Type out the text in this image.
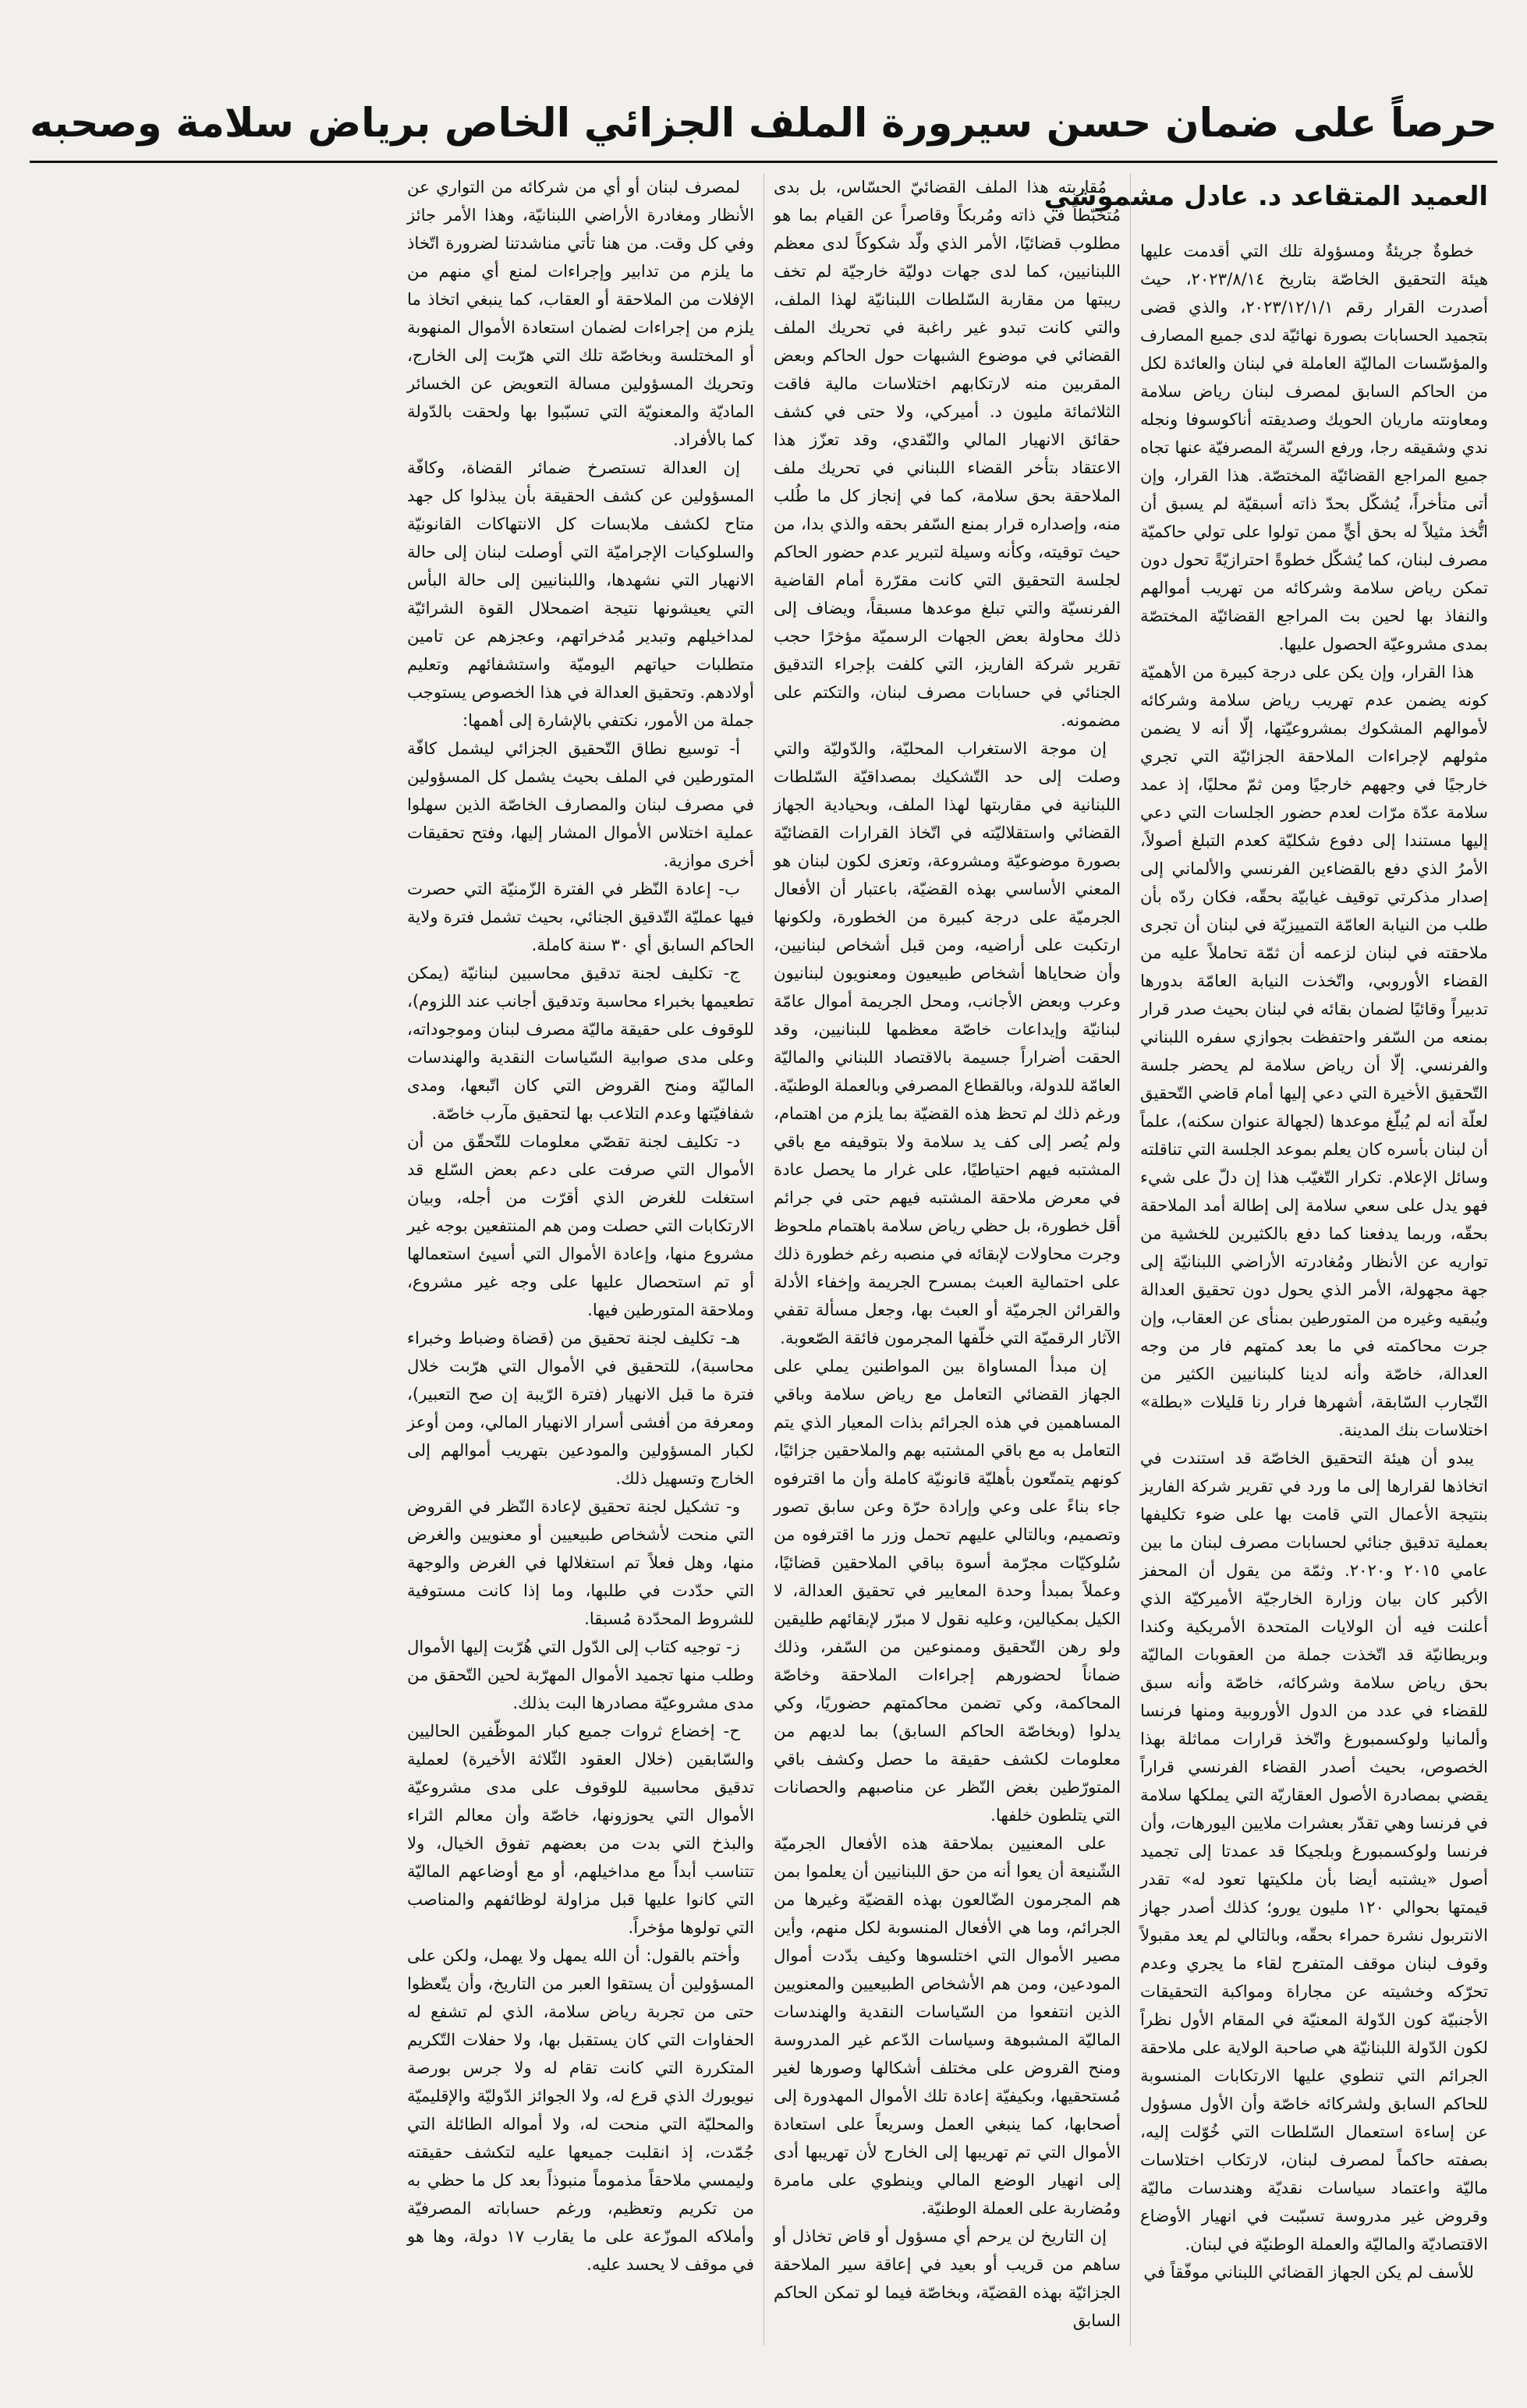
حرصاً على ضمان حسن سيرورة الملف الجزائي الخاص برياض سلامة وصحبه
العميد المتقاعد د. عادل مشموشي

خطوةٌ جريئةٌ ومسؤولة تلك التي أقدمت عليها هيئة التحقيق الخاصّة بتاريخ ٢٠٢٣/٨/١٤، حيث أصدرت القرار رقم ٢٠٢٣/١٢/١/١، والذي قضى بتجميد الحسابات بصورة نهائيّة لدى جميع المصارف والمؤسّسات الماليّة العاملة في لبنان والعائدة لكل من الحاكم السابق لمصرف لبنان رياض سلامة ومعاونته ماريان الحويك وصديقته أناكوسوفا ونجله ندي وشقيقه رجا، ورفع السريّة المصرفيّة عنها تجاه جميع المراجع القضائيّة المختصّة. هذا القرار، وإن أتى متأخراً، يُشكّل بحدّ ذاته أسبقيّة لم يسبق أن اتُّخذ مثيلاً له بحق أيٍّ ممن تولوا على تولي حاكميّة مصرف لبنان، كما يُشكّل خطوةً احترازيّةً تحول دون تمكن رياض سلامة وشركائه من تهريب أموالهم والنفاذ بها لحين بت المراجع القضائيّة المختصّة بمدى مشروعيّة الحصول عليها.

هذا القرار، وإن يكن على درجة كبيرة من الأهميّة كونه يضمن عدم تهريب رياض سلامة وشركائه لأموالهم المشكوك بمشروعيّتها، إلّا أنه لا يضمن مثولهم لإجراءات الملاحقة الجزائيّة التي تجري خارجيًا في وجههم خارجيًا ومن ثمّ محليًا، إذ عمد سلامة عدّة مرّات لعدم حضور الجلسات التي دعي إليها مستندا إلى دفوع شكليّة كعدم التبلغ أصولاً، الأمرُ الذي دفع بالقضاءين الفرنسي والألماني إلى إصدار مذكرتي توقيف غيابيّة بحقّه، فكان ردّه بأن طلب من النيابة العامّة التمييزيّة في لبنان أن تجرى ملاحقته في لبنان لزعمه أن ثمّة تحاملاً عليه من القضاء الأوروبي، واتّخذت النيابة العامّة بدورها تدبيراً وقائيًا لضمان بقائه في لبنان بحيث صدر قرار بمنعه من السّفر واحتفظت بجوازي سفره اللبناني والفرنسي. إلّا أن رياض سلامة لم يحضر جلسة التّحقيق الأخيرة التي دعي إليها أمام قاضي التّحقيق لعلّة أنه لم يُبلّغ موعدها (لجهالة عنوان سكنه)، علماً أن لبنان بأسره كان يعلم بموعد الجلسة التي تناقلته وسائل الإعلام. تكرار التّغيّب هذا إن دلّ على شيء فهو يدل على سعي سلامة إلى إطالة أمد الملاحقة بحقّه، وربما يدفعنا كما دفع بالكثيرين للخشية من تواريه عن الأنظار ومُغادرته الأراضي اللبنانيّة إلى جهة مجهولة، الأمر الذي يحول دون تحقيق العدالة ويُبقيه وغيره من المتورطين بمنأى عن العقاب، وإن جرت محاكمته في ما بعد كمتهم فار من وجه العدالة، خاصّة وأنه لدينا كلبنانيين الكثير من التّجارب السّابقة، أشهرها فرار رنا قليلات «بطلة» اختلاسات بنك المدينة.

يبدو أن هيئة التحقيق الخاصّة قد استندت في اتخاذها لقرارها إلى ما ورد في تقرير شركة الفاريز بنتيجة الأعمال التي قامت بها على ضوء تكليفها بعملية تدقيق جنائي لحسابات مصرف لبنان ما بين عامي ٢٠١٥ و٢٠٢٠. وثمّة من يقول أن المحفز الأكبر كان بيان وزارة الخارجيّة الأميركيّة الذي أعلنت فيه أن الولايات المتحدة الأمريكية وكندا وبريطانيّة قد اتّخذت جملة من العقوبات الماليّة بحق رياض سلامة وشركائه، خاصّة وأنه سبق للقضاء في عدد من الدول الأوروبية ومنها فرنسا وألمانيا ولوكسمبورغ واتّخذ قرارات مماثلة بهذا الخصوص، بحيث أصدر القضاء الفرنسي قراراً يقضي بمصادرة الأصول العقاريّة التي يملكها سلامة في فرنسا وهي تقدّر بعشرات ملايين اليورهات، وأن فرنسا ولوكسمبورغ وبلجيكا قد عمدتا إلى تجميد أصول «يشتبه أيضا بأن ملكيتها تعود له» تقدر قيمتها بحوالي ١٢٠ مليون يورو؛ كذلك أصدر جهاز الانتربول نشرة حمراء بحقّه، وبالتالي لم يعد مقبولاً وقوف لبنان موقف المتفرج لقاء ما يجري وعدم تحرّكه وخشيته عن مجاراة ومواكبة التحقيقات الأجنبيّة كون الدّولة المعنيّة في المقام الأول نظراً لكون الدّولة اللبنانيّة هي صاحبة الولاية على ملاحقة الجرائم التي تنطوي عليها الارتكابات المنسوبة للحاكم السابق ولشركائه خاصّة وأن الأول مسؤول عن إساءة استعمال السّلطات التي خُوّلت إليه، بصفته حاكماً لمصرف لبنان، لارتكاب اختلاسات ماليّة واعتماد سياسات نقديّة وهندسات ماليّة وقروض غير مدروسة تسبّبت في انهيار الأوضاع الاقتصاديّة والماليّة والعملة الوطنيّة في لبنان.

للأسف لم يكن الجهاز القضائي اللبناني موفّقاً في

مُقاربته هذا الملف القضائيّ الحسّاس، بل بدى مُتخبّطاً في ذاته ومُربكاً وقاصراً عن القيام بما هو مطلوب قضائيًا، الأمر الذي ولّد شكوكاً لدى معظم اللبنانيين، كما لدى جهات دوليّة خارجيّة لم تخف ريبتها من مقاربة السّلطات اللبنانيّة لهذا الملف، والتي كانت تبدو غير راغبة في تحريك الملف القضائي في موضوع الشبهات حول الحاكم وبعض المقربين منه لارتكابهم اختلاسات مالية فاقت الثلاثمائة مليون د. أميركي، ولا حتى في كشف حقائق الانهيار المالي والنّقدي، وقد تعزّز هذا الاعتقاد بتأخر القضاء اللبناني في تحريك ملف الملاحقة بحق سلامة، كما في إنجاز كل ما طُلب منه، وإصداره قرار بمنع السّفر بحقه والذي بدا، من حيث توقيته، وكأنه وسيلة لتبرير عدم حضور الحاكم لجلسة التحقيق التي كانت مقرّرة أمام القاضية الفرنسيّة والتي تبلغ موعدها مسبقاً، ويضاف إلى ذلك محاولة بعض الجهات الرسميّة مؤخرًا حجب تقرير شركة الفاريز، التي كلفت بإجراء التدقيق الجنائي في حسابات مصرف لبنان، والتكتم على مضمونه.

إن موجة الاستغراب المحليّة، والدّوليّة والتي وصلت إلى حد التّشكيك بمصداقيّة السّلطات اللبنانية في مقاربتها لهذا الملف، وبحيادية الجهاز القضائي واستقلاليّته في اتّخاذ القرارات القضائيّة بصورة موضوعيّة ومشروعة، وتعزى لكون لبنان هو المعني الأساسي بهذه القضيّة، باعتبار أن الأفعال الجرميّة على درجة كبيرة من الخطورة، ولكونها ارتكبت على أراضيه، ومن قبل أشخاص لبنانيين، وأن ضحاياها أشخاص طبيعيون ومعنويون لبنانيون وعرب وبعض الأجانب، ومحل الجريمة أموال عامّة لبنانيّة وإيداعات خاصّة معظمها للبنانيين، وقد الحقت أضراراً جسيمة بالاقتصاد اللبناني والماليّة العامّة للدولة، وبالقطاع المصرفي وبالعملة الوطنيّة. ورغم ذلك لم تحظ هذه القضيّة بما يلزم من اهتمام، ولم يُصر إلى كف يد سلامة ولا بتوقيفه مع باقي المشتبه فيهم احتياطيًا، على غرار ما يحصل عادة في معرض ملاحقة المشتبه فيهم حتى في جرائم أقل خطورة، بل حظي رياض سلامة باهتمام ملحوظ وجرت محاولات لإبقائه في منصبه رغم خطورة ذلك على احتمالية العبث بمسرح الجريمة وإخفاء الأدلة والقرائن الجرميّة أو العبث بها، وجعل مسألة تقفي الآثار الرقميّة التي خلّفها المجرمون فائقة الصّعوبة.

إن مبدأ المساواة بين المواطنين يملي على الجهاز القضائي التعامل مع رياض سلامة وباقي المساهمين في هذه الجرائم بذات المعيار الذي يتم التعامل به مع باقي المشتبه بهم والملاحقين جزائيًا، كونهم يتمتّعون بأهليّة قانونيّة كاملة وأن ما اقترفوه جاء بناءً على وعي وإرادة حرّة وعن سابق تصور وتصميم، وبالتالي عليهم تحمل وزر ما اقترفوه من سُلوكيّات مجرّمة أسوة بباقي الملاحقين قضائيًا، وعملاً بمبدأ وحدة المعايير في تحقيق العدالة، لا الكيل بمكيالين، وعليه نقول لا مبرّر لإبقائهم طليقين ولو رهن التّحقيق وممنوعين من السّفر، وذلك ضماناً لحضورهم إجراءات الملاحقة وخاصّة المحاكمة، وكي تضمن محاكمتهم حضوريًا، وكي يدلوا (وبخاصّة الحاكم السابق) بما لديهم من معلومات لكشف حقيقة ما حصل وكشف باقي المتورّطين بغض النّظر عن مناصبهم والحصانات التي يتلطون خلفها.

على المعنيين بملاحقة هذه الأفعال الجرميّة الشّنيعة أن يعوا أنه من حق اللبنانيين أن يعلموا بمن هم المجرمون الضّالعون بهذه القضيّة وغيرها من الجرائم، وما هي الأفعال المنسوبة لكل منهم، وأين مصير الأموال التي اختلسوها وكيف بدّدت أموال المودعين، ومن هم الأشخاص الطبيعيين والمعنويين الذين انتفعوا من السّياسات النقدية والهندسات الماليّة المشبوهة وسياسات الدّعم غير المدروسة ومنح القروض على مختلف أشكالها وصورها لغير مُستحقيها، وبكيفيّة إعادة تلك الأموال المهدورة إلى أصحابها، كما ينبغي العمل وسريعاً على استعادة الأموال التي تم تهريبها إلى الخارج لأن تهريبها أدى إلى انهيار الوضع المالي وينطوي على مامرة ومُضاربة على العملة الوطنيّة.

إن التاريخ لن يرحم أي مسؤول أو قاض تخاذل أو ساهم من قريب أو بعيد في إعاقة سير الملاحقة الجزائيّة بهذه القضيّة، وبخاصّة فيما لو تمكن الحاكم السابق

لمصرف لبنان أو أي من شركائه من التواري عن الأنظار ومغادرة الأراضي اللبنانيّة، وهذا الأمر جائز وفي كل وقت. من هنا تأتي مناشدتنا لضرورة اتّخاذ ما يلزم من تدابير وإجراءات لمنع أي منهم من الإفلات من الملاحقة أو العقاب، كما ينبغي اتخاذ ما يلزم من إجراءات لضمان استعادة الأموال المنهوبة أو المختلسة وبخاصّة تلك التي هرّبت إلى الخارج، وتحريك المسؤولين مسالة التعويض عن الخسائر الماديّة والمعنويّة التي تسبّبوا بها ولحقت بالدّولة كما بالأفراد.

إن العدالة تستصرخ ضمائر القضاة، وكافّة المسؤولين عن كشف الحقيقة بأن يبذلوا كل جهد متاح لكشف ملابسات كل الانتهاكات القانونيّة والسلوكيات الإجراميّة التي أوصلت لبنان إلى حالة الانهيار التي نشهدها، واللبنانيين إلى حالة البأس التي يعيشونها نتيجة اضمحلال القوة الشرائيّة لمداخيلهم وتبدير مُدخراتهم، وعجزهم عن تامين متطلبات حياتهم اليوميّة واستشفائهم وتعليم أولادهم. وتحقيق العدالة في هذا الخصوص يستوجب جملة من الأمور، نكتفي بالإشارة إلى أهمها:

أ- توسيع نطاق التّحقيق الجزائي ليشمل كافّة المتورطين في الملف بحيث يشمل كل المسؤولين في مصرف لبنان والمصارف الخاصّة الذين سهلوا عملية اختلاس الأموال المشار إليها، وفتح تحقيقات أخرى موازية.
ب- إعادة النّظر في الفترة الزّمنيّة التي حصرت فيها عمليّة التّدقيق الجنائي، بحيث تشمل فترة ولاية الحاكم السابق أي ٣٠ سنة كاملة.
ج- تكليف لجنة تدقيق محاسبين لبنانيّة (يمكن تطعيمها بخبراء محاسبة وتدقيق أجانب عند اللزوم)، للوقوف على حقيقة ماليّة مصرف لبنان وموجوداته، وعلى مدى صوابية السّياسات النقدية والهندسات الماليّة ومنح القروض التي كان اتّبعها، ومدى شفافيّتها وعدم التلاعب بها لتحقيق مآرب خاصّة.
د- تكليف لجنة تقصّي معلومات للتّحقّق من أن الأموال التي صرفت على دعم بعض السّلع قد استغلت للغرض الذي أقرّت من أجله، وبيان الارتكابات التي حصلت ومن هم المنتفعين بوجه غير مشروع منها، وإعادة الأموال التي أسيئ استعمالها أو تم استحصال عليها على وجه غير مشروع، وملاحقة المتورطين فيها.
هـ- تكليف لجنة تحقيق من (قضاة وضباط وخبراء محاسبة)، للتحقيق في الأموال التي هرّبت خلال فترة ما قبل الانهيار (فترة الرّيبة إن صح التعبير)، ومعرفة من أفشى أسرار الانهيار المالي، ومن أوعز لكبار المسؤولين والمودعين بتهريب أموالهم إلى الخارج وتسهيل ذلك.
و- تشكيل لجنة تحقيق لإعادة النّظر في القروض التي منحت لأشخاص طبيعيين أو معنويين والغرض منها، وهل فعلاً تم استغلالها في الغرض والوجهة التي حدّدت في طلبها، وما إذا كانت مستوفية للشروط المحدّدة مُسبقا.
ز- توجيه كتاب إلى الدّول التي هُرّبت إليها الأموال وطلب منها تجميد الأموال المهرّبة لحين التّحقق من مدى مشروعيّة مصادرها البت بذلك.
ح- إخضاع ثروات جميع كبار الموظّفين الحاليين والسّابقين (خلال العقود الثّلاثة الأخيرة) لعملية تدقيق محاسبية للوقوف على مدى مشروعيّة الأموال التي يحوزونها، خاصّة وأن معالم الثراء والبذخ التي بدت من بعضهم تفوق الخيال، ولا تتناسب أبداً مع مداخيلهم، أو مع أوضاعهم الماليّة التي كانوا عليها قبل مزاولة لوظائفهم والمناصب التي تولوها مؤخراً.

وأختم بالقول: أن الله يمهل ولا يهمل، ولكن على المسؤولين أن يستقوا العبر من التاريخ، وأن يتّعظوا حتى من تجربة رياض سلامة، الذي لم تشفع له الحفاوات التي كان يستقبل بها، ولا حفلات التّكريم المتكررة التي كانت تقام له ولا جرس بورصة نيويورك الذي قرع له، ولا الجوائز الدّوليّة والإقليميّة والمحليّة التي منحت له، ولا أمواله الطائلة التي جُمّدت، إذ انقلبت جميعها عليه لتكشف حقيقته وليمسي ملاحقاً مذموماً منبوذاً بعد كل ما حظي به من تكريم وتعظيم، ورغم حساباته المصرفيّة وأملاكه الموزّعة على ما يقارب ١٧ دولة، وها هو في موقف لا يحسد عليه.
